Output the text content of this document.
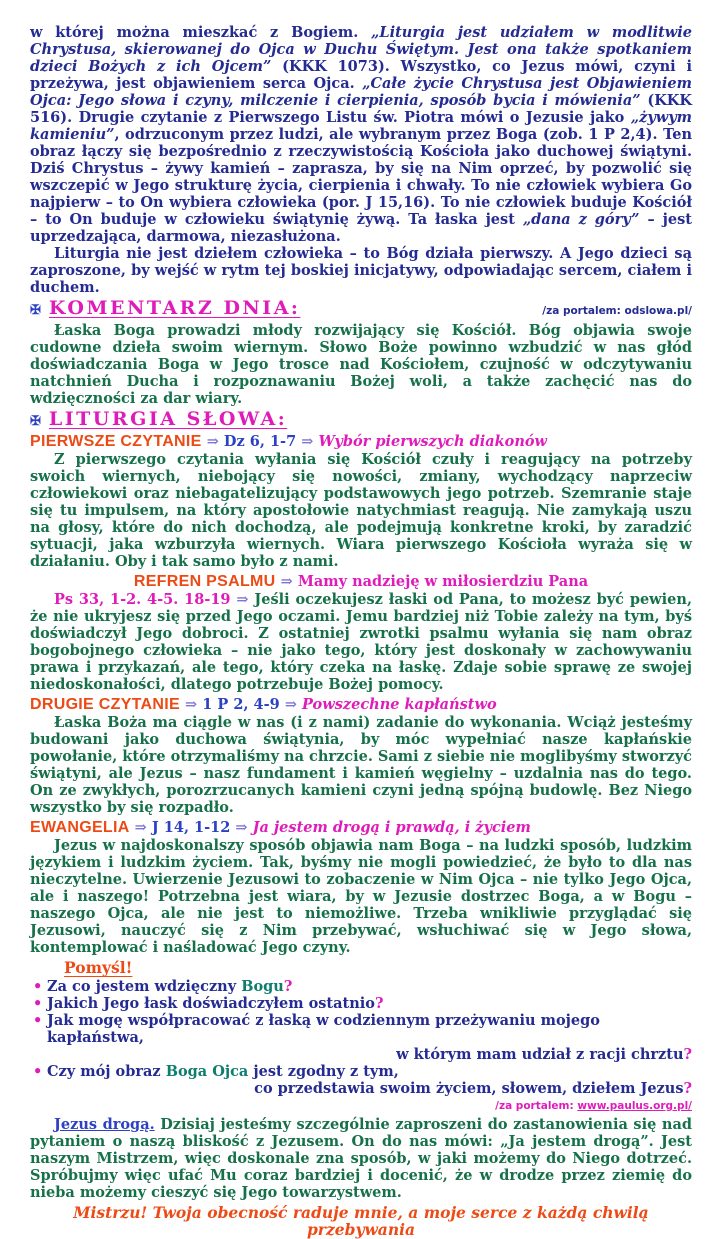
w której można mieszkać z Bogiem. „Liturgia jest udziałem w modlitwie Chrystusa, skierowanej do Ojca w Duchu Świętym. Jest ona także spotkaniem dzieci Bożych z ich Ojcem” (KKK 1073). Wszystko, co Jezus mówi, czyni i przeżywa, jest objawieniem serca Ojca. „Całe życie Chrystusa jest Objawieniem Ojca: Jego słowa i czyny, milczenie i cierpienia, sposób bycia i mówienia” (KKK 516). Drugie czytanie z Pierwszego Listu św. Piotra mówi o Jezusie jako „żywym kamieniu”, odrzuconym przez ludzi, ale wybranym przez Boga (zob. 1 P 2,4). Ten obraz łączy się bezpośrednio z rzeczywistością Kościoła jako duchowej świątyni. Dziś Chrystus – żywy kamień – zaprasza, by się na Nim oprzeć, by pozwolić się wszczepić w Jego strukturę życia, cierpienia i chwały. To nie człowiek wybiera Go najpierw – to On wybiera człowieka (por. J 15,16). To nie człowiek buduje Kościół – to On buduje w człowieku świątynię żywą. Ta łaska jest „dana z góry” – jest uprzedzająca, darmowa, niezasłużona.

Liturgia nie jest dziełem człowieka – to Bóg działa pierwszy. A Jego dzieci są zaproszone, by wejść w rytm tej boskiej inicjatywy, odpowiadając sercem, ciałem i duchem.

✠ KOMENTARZ DNIA:	/za portalem: odslowa.pl/

Łaska Boga prowadzi młody rozwijający się Kościół. Bóg objawia swoje cudowne dzieła swoim wiernym. Słowo Boże powinno wzbudzić w nas głód doświadczania Boga w Jego trosce nad Kościołem, czujność w odczytywaniu natchnień Ducha i rozpoznawaniu Bożej woli, a także zachęcić nas do wdzięczności za dar wiary.

✠ LITURGIA SŁOWA:
PIERWSZE CZYTANIE ⇒ Dz 6, 1-7 ⇒ Wybór pierwszych diakonów

Z pierwszego czytania wyłania się Kościół czuły i reagujący na potrzeby swoich wiernych, niebojący się nowości, zmiany, wychodzący naprzeciw człowiekowi oraz niebagatelizujący podstawowych jego potrzeb. Szemranie staje się tu impulsem, na który apostołowie natychmiast reagują. Nie zamykają uszu na głosy, które do nich dochodzą, ale podejmują konkretne kroki, by zaradzić sytuacji, jaka wzburzyła wiernych. Wiara pierwszego Kościoła wyraża się w działaniu. Oby i tak samo było z nami.

REFREN PSALMU ⇒ Mamy nadzieję w miłosierdziu Pana

Ps 33, 1-2. 4-5. 18-19 ⇒ Jeśli oczekujesz łaski od Pana, to możesz być pewien, że nie ukryjesz się przed Jego oczami. Jemu bardziej niż Tobie zależy na tym, byś doświadczył Jego dobroci. Z ostatniej zwrotki psalmu wyłania się nam obraz bogobojnego człowieka – nie jako tego, który jest doskonały w zachowywaniu prawa i przykazań, ale tego, który czeka na łaskę. Zdaje sobie sprawę ze swojej niedoskonałości, dlatego potrzebuje Bożej pomocy.

DRUGIE CZYTANIE ⇒ 1 P 2, 4-9 ⇒ Powszechne kapłaństwo

Łaska Boża ma ciągle w nas (i z nami) zadanie do wykonania. Wciąż jesteśmy budowani jako duchowa świątynia, by móc wypełniać nasze kapłańskie powołanie, które otrzymaliśmy na chrzcie. Sami z siebie nie moglibyśmy stworzyć świątyni, ale Jezus – nasz fundament i kamień węgielny – uzdalnia nas do tego. On ze zwykłych, porozrzucanych kamieni czyni jedną spójną budowlę. Bez Niego wszystko by się rozpadło.

EWANGELIA ⇒ J 14, 1-12 ⇒ Ja jestem drogą i prawdą, i życiem

Jezus w najdoskonalszy sposób objawia nam Boga – na ludzki sposób, ludzkim językiem i ludzkim życiem. Tak, byśmy nie mogli powiedzieć, że było to dla nas nieczytelne. Uwierzenie Jezusowi to zobaczenie w Nim Ojca – nie tylko Jego Ojca, ale i naszego! Potrzebna jest wiara, by w Jezusie dostrzec Boga, a w Bogu – naszego Ojca, ale nie jest to niemożliwe. Trzeba wnikliwie przyglądać się Jezusowi, nauczyć się z Nim przebywać, wsłuchiwać się w Jego słowa, kontemplować i naśladować Jego czyny.

Pomyśl!
• Za co jestem wdzięczny Bogu?
• Jakich Jego łask doświadczyłem ostatnio?
• Jak mogę współpracować z łaską w codziennym przeżywaniu mojego kapłaństwa,
w którym mam udział z racji chrztu?
• Czy mój obraz Boga Ojca jest zgodny z tym,
co przedstawia swoim życiem, słowem, dziełem Jezus?
/za portalem: www.paulus.org.pl/

Jezus drogą. Dzisiaj jesteśmy szczególnie zaproszeni do zastanowienia się nad pytaniem o naszą bliskość z Jezusem. On do nas mówi: „Ja jestem drogą”. Jest naszym Mistrzem, więc doskonale zna sposób, w jaki możemy do Niego dotrzeć. Spróbujmy więc ufać Mu coraz bardziej i docenić, że w drodze przez ziemię do nieba możemy cieszyć się Jego towarzystwem.

Mistrzu! Twoja obecność raduje mnie, a moje serce z każdą chwilą przebywania
